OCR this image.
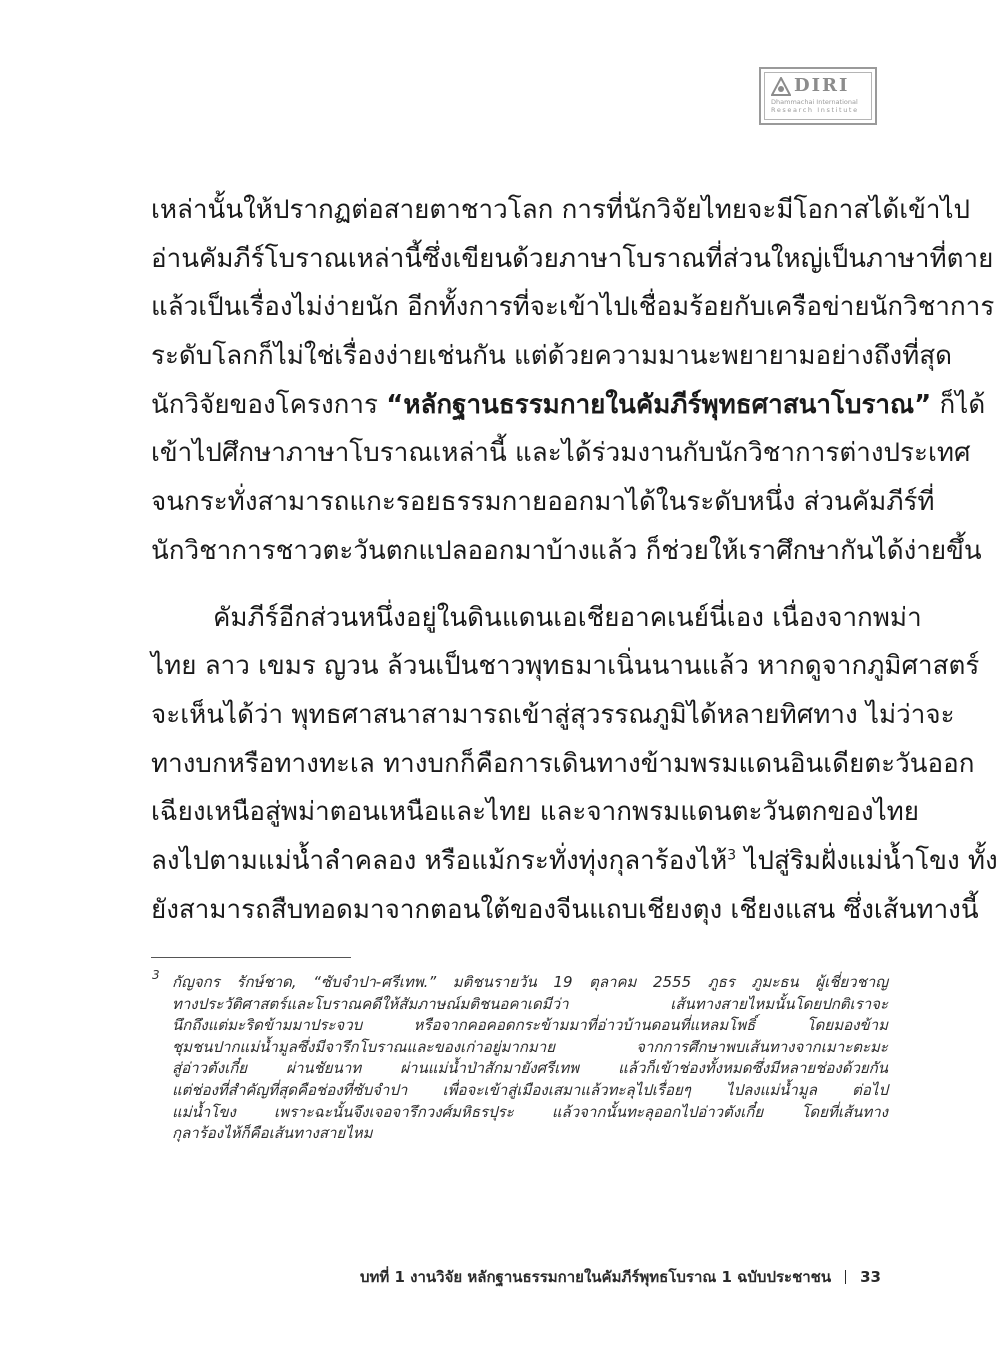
DIRI
Dhammachai International
Research Institute
เหล่านั้นให้ปรากฏต่อสายตาชาวโลก การที่นักวิจัยไทยจะมีโอกาสได้เข้าไป
อ่านคัมภีร์โบราณเหล่านี้ซึ่งเขียนด้วยภาษาโบราณที่ส่วนใหญ่เป็นภาษาที่ตาย
แล้วเป็นเรื่องไม่ง่ายนัก อีกทั้งการที่จะเข้าไปเชื่อมร้อยกับเครือข่ายนักวิชาการ
ระดับโลกก็ไม่ใช่เรื่องง่ายเช่นกัน แต่ด้วยความมานะพยายามอย่างถึงที่สุด
นักวิจัยของโครงการ “หลักฐานธรรมกายในคัมภีร์พุทธศาสนาโบราณ” ก็ได้
เข้าไปศึกษาภาษาโบราณเหล่านี้ และได้ร่วมงานกับนักวิชาการต่างประเทศ
จนกระทั่งสามารถแกะรอยธรรมกายออกมาได้ในระดับหนึ่ง ส่วนคัมภีร์ที่
นักวิชาการชาวตะวันตกแปลออกมาบ้างแล้ว ก็ช่วยให้เราศึกษากันได้ง่ายขึ้น
คัมภีร์อีกส่วนหนึ่งอยู่ในดินแดนเอเชียอาคเนย์นี่เอง เนื่องจากพม่า
ไทย ลาว เขมร ญวน ล้วนเป็นชาวพุทธมาเนิ่นนานแล้ว หากดูจากภูมิศาสตร์
จะเห็นได้ว่า พุทธศาสนาสามารถเข้าสู่สุวรรณภูมิได้หลายทิศทาง ไม่ว่าจะ
ทางบกหรือทางทะเล ทางบกก็คือการเดินทางข้ามพรมแดนอินเดียตะวันออก
เฉียงเหนือสู่พม่าตอนเหนือและไทย และจากพรมแดนตะวันตกของไทย
ลงไปตามแม่น้ำลำคลอง หรือแม้กระทั่งทุ่งกุลาร้องไห้$^3$ ไปสู่ริมฝั่งแม่น้ำโขง ทั้ง
ยังสามารถสืบทอดมาจากตอนใต้ของจีนแถบเชียงตุง เชียงแสน ซึ่งเส้นทางนี้
3 กัญจกร รักษ์ชาด, “ซับจำปา-ศรีเทพ.” มติชนรายวัน 19 ตุลาคม 2555 ภูธร ภูมะธน ผู้เชี่ยวชาญ
ทางประวัติศาสตร์และโบราณคดีให้สัมภาษณ์มติชนอคาเดมีว่า เส้นทางสายไหมนั้นโดยปกติเราจะ
นึกถึงแต่มะริดข้ามมาประจวบ หรือจากคอคอดกระข้ามมาที่อ่าวบ้านดอนที่แหลมโพธิ์ โดยมองข้าม
ชุมชนปากแม่น้ำมูลซึ่งมีจารึกโบราณและของเก่าอยู่มากมาย จากการศึกษาพบเส้นทางจากเมาะตะมะ
สู่อ่าวตังเกี๋ย ผ่านชัยนาท ผ่านแม่น้ำป่าสักมายังศรีเทพ แล้วก็เข้าช่องทั้งหมดซึ่งมีหลายช่องด้วยกัน
แต่ช่องที่สำคัญที่สุดคือช่องที่ซับจำปา เพื่อจะเข้าสู่เมืองเสมาแล้วทะลุไปเรื่อยๆ ไปลงแม่น้ำมูล ต่อไป
แม่น้ำโขง เพราะฉะนั้นจึงเจอจารึกวงศ์มหิธรปุระ แล้วจากนั้นทะลุออกไปอ่าวตังเกี๋ย โดยที่เส้นทาง
กุลาร้องไห้ก็คือเส้นทางสายไหม
บทที่ 1 งานวิจัย หลักฐานธรรมกายในคัมภีร์พุทธโบราณ 1 ฉบับประชาชน 33
